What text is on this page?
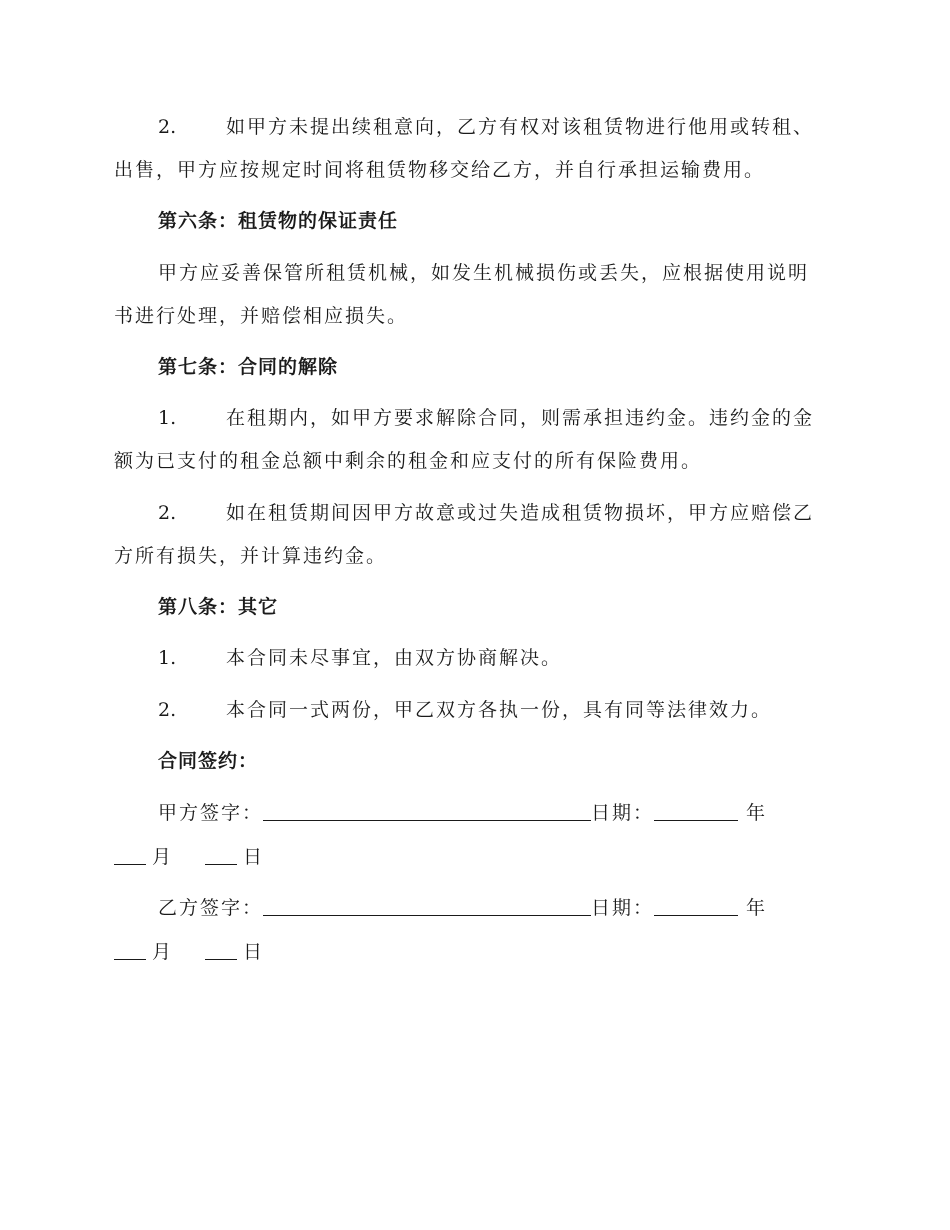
2.	如甲方未提出续租意向，乙方有权对该租赁物进行他用或转租、
出售，甲方应按规定时间将租赁物移交给乙方，并自行承担运输费用。
第六条：租赁物的保证责任
甲方应妥善保管所租赁机械，如发生机械损伤或丢失，应根据使用说明
书进行处理，并赔偿相应损失。
第七条：合同的解除
1.	在租期内，如甲方要求解除合同，则需承担违约金。违约金的金
额为已支付的租金总额中剩余的租金和应支付的所有保险费用。
2.	如在租赁期间因甲方故意或过失造成租赁物损坏，甲方应赔偿乙
方所有损失，并计算违约金。
第八条：其它
1.	本合同未尽事宜，由双方协商解决。
2.	本合同一式两份，甲乙双方各执一份，具有同等法律效力。
合同签约：
甲方签字：	日期：	年
月	日
乙方签字：	日期：	年
月	日
